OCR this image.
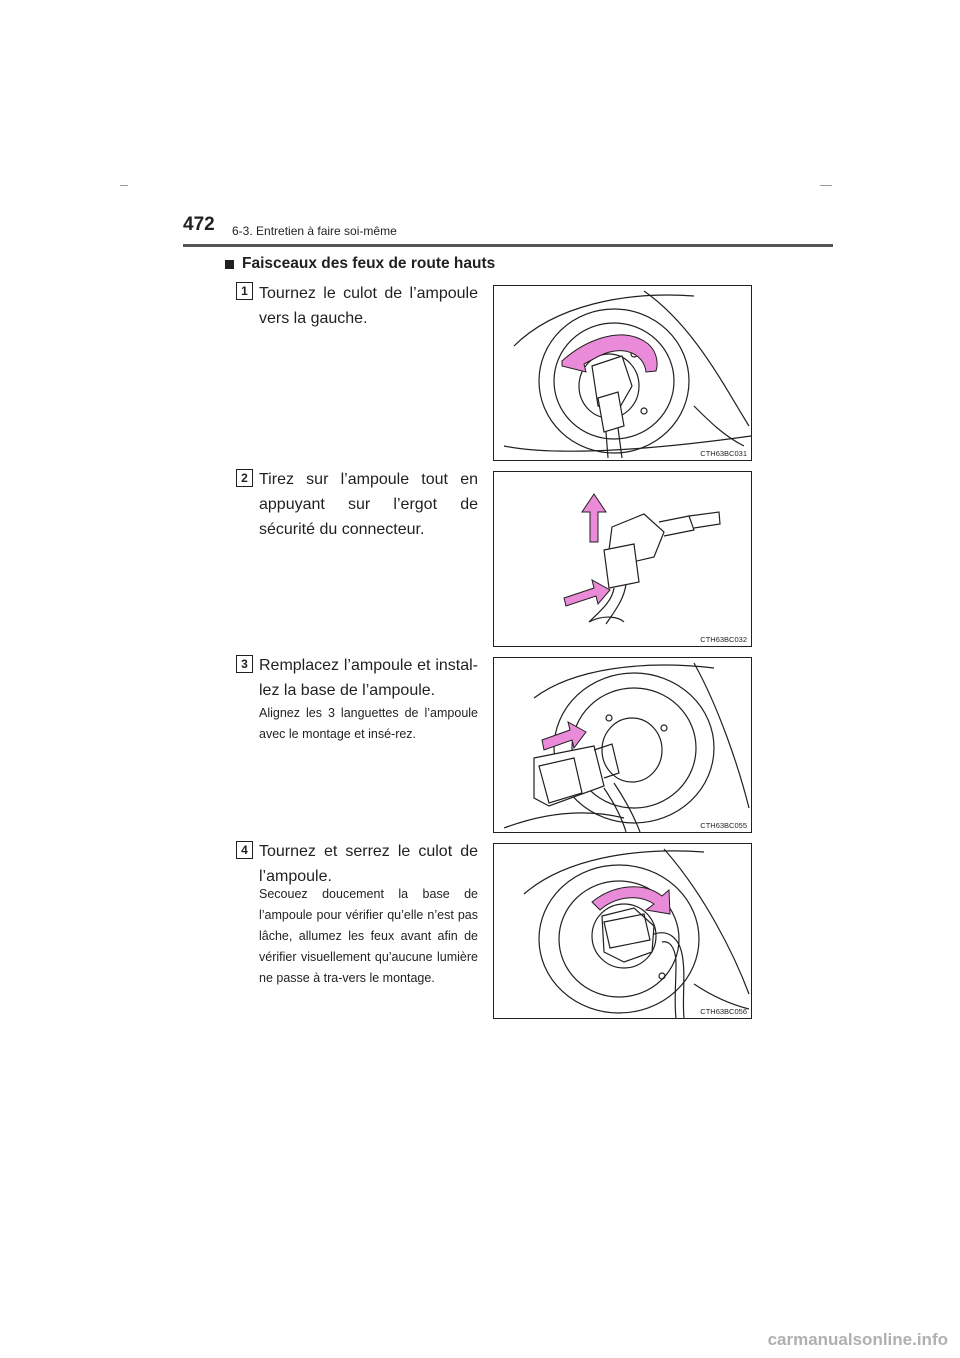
472 6-3. Entretien à faire soi-même
Faisceaux des feux de route hauts
1 Tournez le culot de l’ampoule vers la gauche.
CTH63BC031
2 Tirez sur l’ampoule tout en appuyant sur l’ergot de sécurité du connecteur.
CTH63BC032
3 Remplacez l’ampoule et instal-lez la base de l’ampoule.
Alignez les 3 languettes de l’ampoule avec le montage et insé-rez.
CTH63BC055
4 Tournez et serrez le culot de l’ampoule.
Secouez doucement la base de l’ampoule pour vérifier qu’elle n’est pas lâche, allumez les feux avant afin de vérifier visuellement qu’aucune lumière ne passe à tra-vers le montage.
CTH63BC056
carmanualsonline.info
